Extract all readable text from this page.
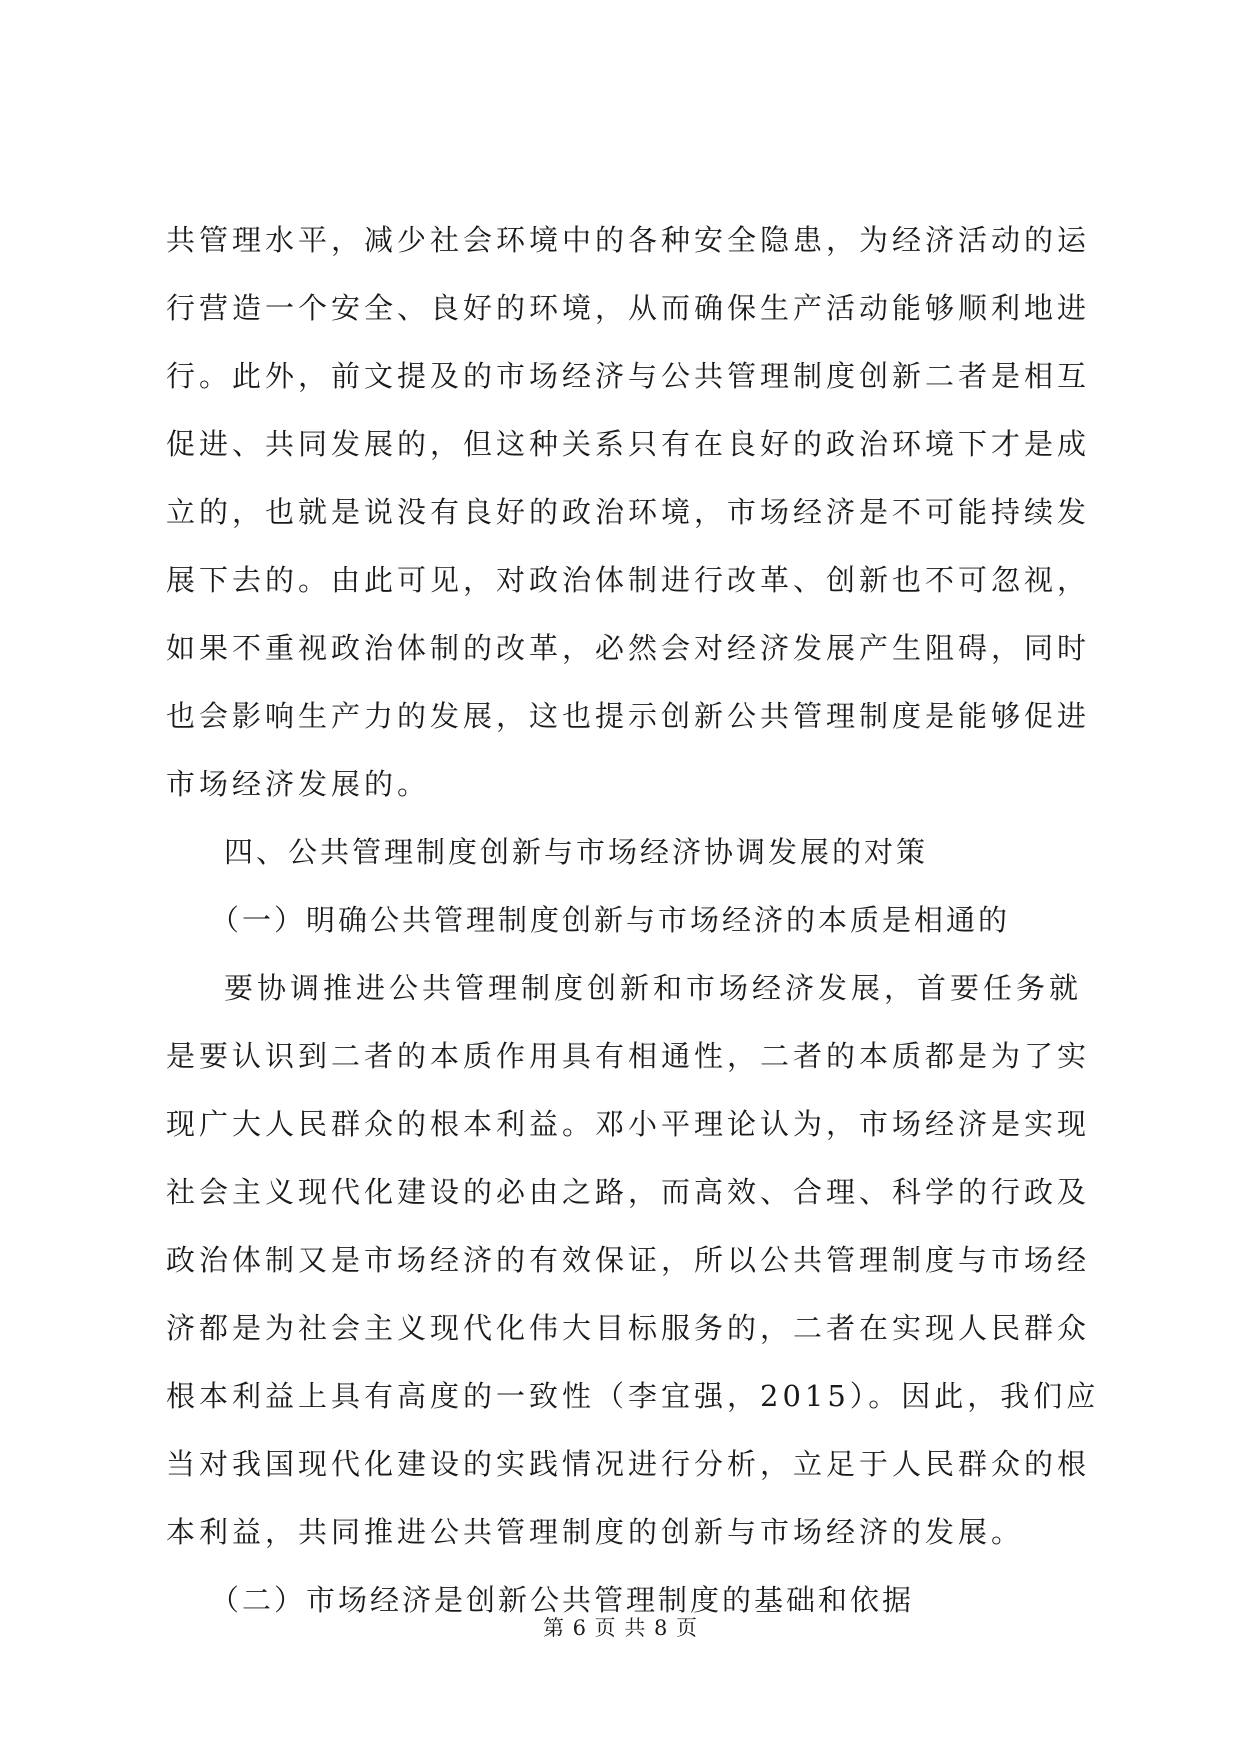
共管理水平，减少社会环境中的各种安全隐患，为经济活动的运
行营造一个安全、良好的环境，从而确保生产活动能够顺利地进
行。此外，前文提及的市场经济与公共管理制度创新二者是相互
促进、共同发展的，但这种关系只有在良好的政治环境下才是成
立的，也就是说没有良好的政治环境，市场经济是不可能持续发
展下去的。由此可见，对政治体制进行改革、创新也不可忽视，
如果不重视政治体制的改革，必然会对经济发展产生阻碍，同时
也会影响生产力的发展，这也提示创新公共管理制度是能够促进
市场经济发展的。
四、公共管理制度创新与市场经济协调发展的对策
（一）明确公共管理制度创新与市场经济的本质是相通的
要协调推进公共管理制度创新和市场经济发展，首要任务就
是要认识到二者的本质作用具有相通性，二者的本质都是为了实
现广大人民群众的根本利益。邓小平理论认为，市场经济是实现
社会主义现代化建设的必由之路，而高效、合理、科学的行政及
政治体制又是市场经济的有效保证，所以公共管理制度与市场经
济都是为社会主义现代化伟大目标服务的，二者在实现人民群众
根本利益上具有高度的一致性（李宜强，2015）。因此，我们应
当对我国现代化建设的实践情况进行分析，立足于人民群众的根
本利益，共同推进公共管理制度的创新与市场经济的发展。
（二）市场经济是创新公共管理制度的基础和依据
第 6 页 共 8 页
